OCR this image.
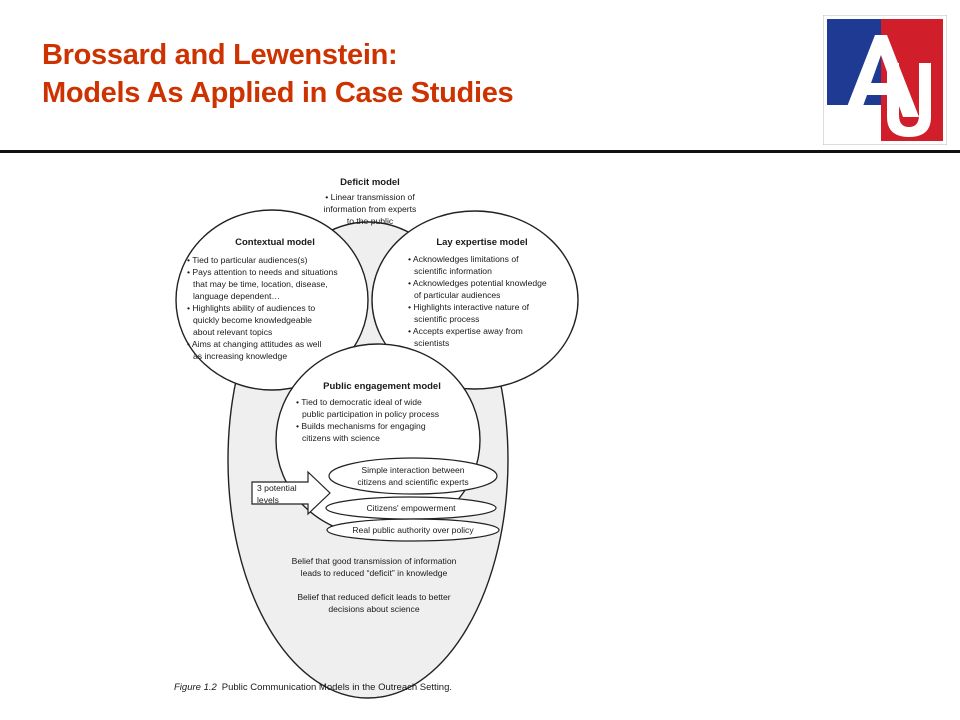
Brossard and Lewenstein:
Models As Applied in Case Studies
Deficit model
• Linear transmission of
information from experts
to the public
Contextual model
• Tied to particular audiences(s)
• Pays attention to needs and situations
that may be time, location, disease,
language dependent…
• Highlights ability of audiences to
quickly become knowledgeable
about relevant topics
• Aims at changing attitudes as well
as increasing knowledge
Lay expertise model
• Acknowledges limitations of
scientific information
• Acknowledges potential knowledge
of particular audiences
• Highlights interactive nature of
scientific process
• Accepts expertise away from
scientists
Public engagement model
• Tied to democratic ideal of wide
public participation in policy process
• Builds mechanisms for engaging
citizens with science
3 potential
levels
Simple interaction between
citizens and scientific experts
Citizens' empowerment
Real public authority over policy
Belief that good transmission of information
leads to reduced “deficit” in knowledge
Belief that reduced deficit leads to better
decisions about science
Figure 1.2 Public Communication Models in the Outreach Setting.
